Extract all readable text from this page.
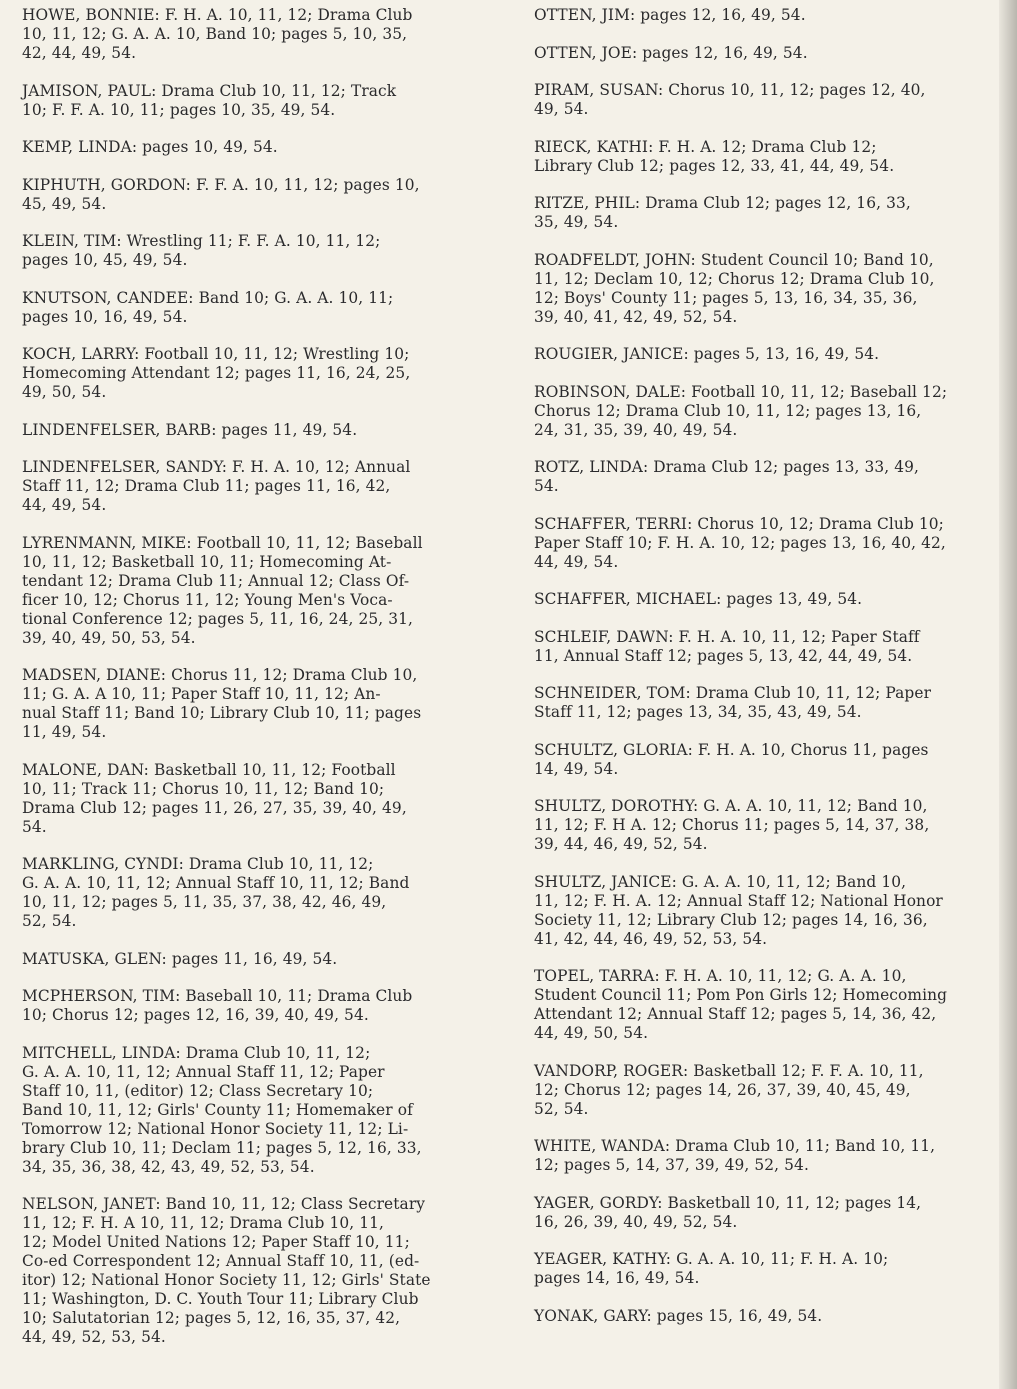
HOWE, BONNIE: F. H. A. 10, 11, 12; Drama Club
10, 11, 12; G. A. A. 10, Band 10; pages 5, 10, 35,
42, 44, 49, 54.

JAMISON, PAUL: Drama Club 10, 11, 12; Track
10; F. F. A. 10, 11; pages 10, 35, 49, 54.

KEMP, LINDA: pages 10, 49, 54.

KIPHUTH, GORDON: F. F. A. 10, 11, 12; pages 10,
45, 49, 54.

KLEIN, TIM: Wrestling 11; F. F. A. 10, 11, 12;
pages 10, 45, 49, 54.

KNUTSON, CANDEE: Band 10; G. A. A. 10, 11;
pages 10, 16, 49, 54.

KOCH, LARRY: Football 10, 11, 12; Wrestling 10;
Homecoming Attendant 12; pages 11, 16, 24, 25,
49, 50, 54.

LINDENFELSER, BARB: pages 11, 49, 54.

LINDENFELSER, SANDY: F. H. A. 10, 12; Annual
Staff 11, 12; Drama Club 11; pages 11, 16, 42,
44, 49, 54.

LYRENMANN, MIKE: Football 10, 11, 12; Baseball
10, 11, 12; Basketball 10, 11; Homecoming At-
tendant 12; Drama Club 11; Annual 12; Class Of-
ficer 10, 12; Chorus 11, 12; Young Men's Voca-
tional Conference 12; pages 5, 11, 16, 24, 25, 31,
39, 40, 49, 50, 53, 54.

MADSEN, DIANE: Chorus 11, 12; Drama Club 10,
11; G. A. A 10, 11; Paper Staff 10, 11, 12; An-
nual Staff 11; Band 10; Library Club 10, 11; pages
11, 49, 54.

MALONE, DAN: Basketball 10, 11, 12; Football
10, 11; Track 11; Chorus 10, 11, 12; Band 10;
Drama Club 12; pages 11, 26, 27, 35, 39, 40, 49,
54.

MARKLING, CYNDI: Drama Club 10, 11, 12;
G. A. A. 10, 11, 12; Annual Staff 10, 11, 12; Band
10, 11, 12; pages 5, 11, 35, 37, 38, 42, 46, 49,
52, 54.

MATUSKA, GLEN: pages 11, 16, 49, 54.

MCPHERSON, TIM: Baseball 10, 11; Drama Club
10; Chorus 12; pages 12, 16, 39, 40, 49, 54.

MITCHELL, LINDA: Drama Club 10, 11, 12;
G. A. A. 10, 11, 12; Annual Staff 11, 12; Paper
Staff 10, 11, (editor) 12; Class Secretary 10;
Band 10, 11, 12; Girls' County 11; Homemaker of
Tomorrow 12; National Honor Society 11, 12; Li-
brary Club 10, 11; Declam 11; pages 5, 12, 16, 33,
34, 35, 36, 38, 42, 43, 49, 52, 53, 54.

NELSON, JANET: Band 10, 11, 12; Class Secretary
11, 12; F. H. A 10, 11, 12; Drama Club 10, 11,
12; Model United Nations 12; Paper Staff 10, 11;
Co-ed Correspondent 12; Annual Staff 10, 11, (ed-
itor) 12; National Honor Society 11, 12; Girls' State
11; Washington, D. C. Youth Tour 11; Library Club
10; Salutatorian 12; pages 5, 12, 16, 35, 37, 42,
44, 49, 52, 53, 54.

OTTEN, JIM: pages 12, 16, 49, 54.

OTTEN, JOE: pages 12, 16, 49, 54.

PIRAM, SUSAN: Chorus 10, 11, 12; pages 12, 40,
49, 54.

RIECK, KATHI: F. H. A. 12; Drama Club 12;
Library Club 12; pages 12, 33, 41, 44, 49, 54.

RITZE, PHIL: Drama Club 12; pages 12, 16, 33,
35, 49, 54.

ROADFELDT, JOHN: Student Council 10; Band 10,
11, 12; Declam 10, 12; Chorus 12; Drama Club 10,
12; Boys' County 11; pages 5, 13, 16, 34, 35, 36,
39, 40, 41, 42, 49, 52, 54.

ROUGIER, JANICE: pages 5, 13, 16, 49, 54.

ROBINSON, DALE: Football 10, 11, 12; Baseball 12;
Chorus 12; Drama Club 10, 11, 12; pages 13, 16,
24, 31, 35, 39, 40, 49, 54.

ROTZ, LINDA: Drama Club 12; pages 13, 33, 49,
54.

SCHAFFER, TERRI: Chorus 10, 12; Drama Club 10;
Paper Staff 10; F. H. A. 10, 12; pages 13, 16, 40, 42,
44, 49, 54.

SCHAFFER, MICHAEL: pages 13, 49, 54.

SCHLEIF, DAWN: F. H. A. 10, 11, 12; Paper Staff
11, Annual Staff 12; pages 5, 13, 42, 44, 49, 54.

SCHNEIDER, TOM: Drama Club 10, 11, 12; Paper
Staff 11, 12; pages 13, 34, 35, 43, 49, 54.

SCHULTZ, GLORIA: F. H. A. 10, Chorus 11, pages
14, 49, 54.

SHULTZ, DOROTHY: G. A. A. 10, 11, 12; Band 10,
11, 12; F. H A. 12; Chorus 11; pages 5, 14, 37, 38,
39, 44, 46, 49, 52, 54.

SHULTZ, JANICE: G. A. A. 10, 11, 12; Band 10,
11, 12; F. H. A. 12; Annual Staff 12; National Honor
Society 11, 12; Library Club 12; pages 14, 16, 36,
41, 42, 44, 46, 49, 52, 53, 54.

TOPEL, TARRA: F. H. A. 10, 11, 12; G. A. A. 10,
Student Council 11; Pom Pon Girls 12; Homecoming
Attendant 12; Annual Staff 12; pages 5, 14, 36, 42,
44, 49, 50, 54.

VANDORP, ROGER: Basketball 12; F. F. A. 10, 11,
12; Chorus 12; pages 14, 26, 37, 39, 40, 45, 49,
52, 54.

WHITE, WANDA: Drama Club 10, 11; Band 10, 11,
12; pages 5, 14, 37, 39, 49, 52, 54.

YAGER, GORDY: Basketball 10, 11, 12; pages 14,
16, 26, 39, 40, 49, 52, 54.

YEAGER, KATHY: G. A. A. 10, 11; F. H. A. 10;
pages 14, 16, 49, 54.

YONAK, GARY: pages 15, 16, 49, 54.
